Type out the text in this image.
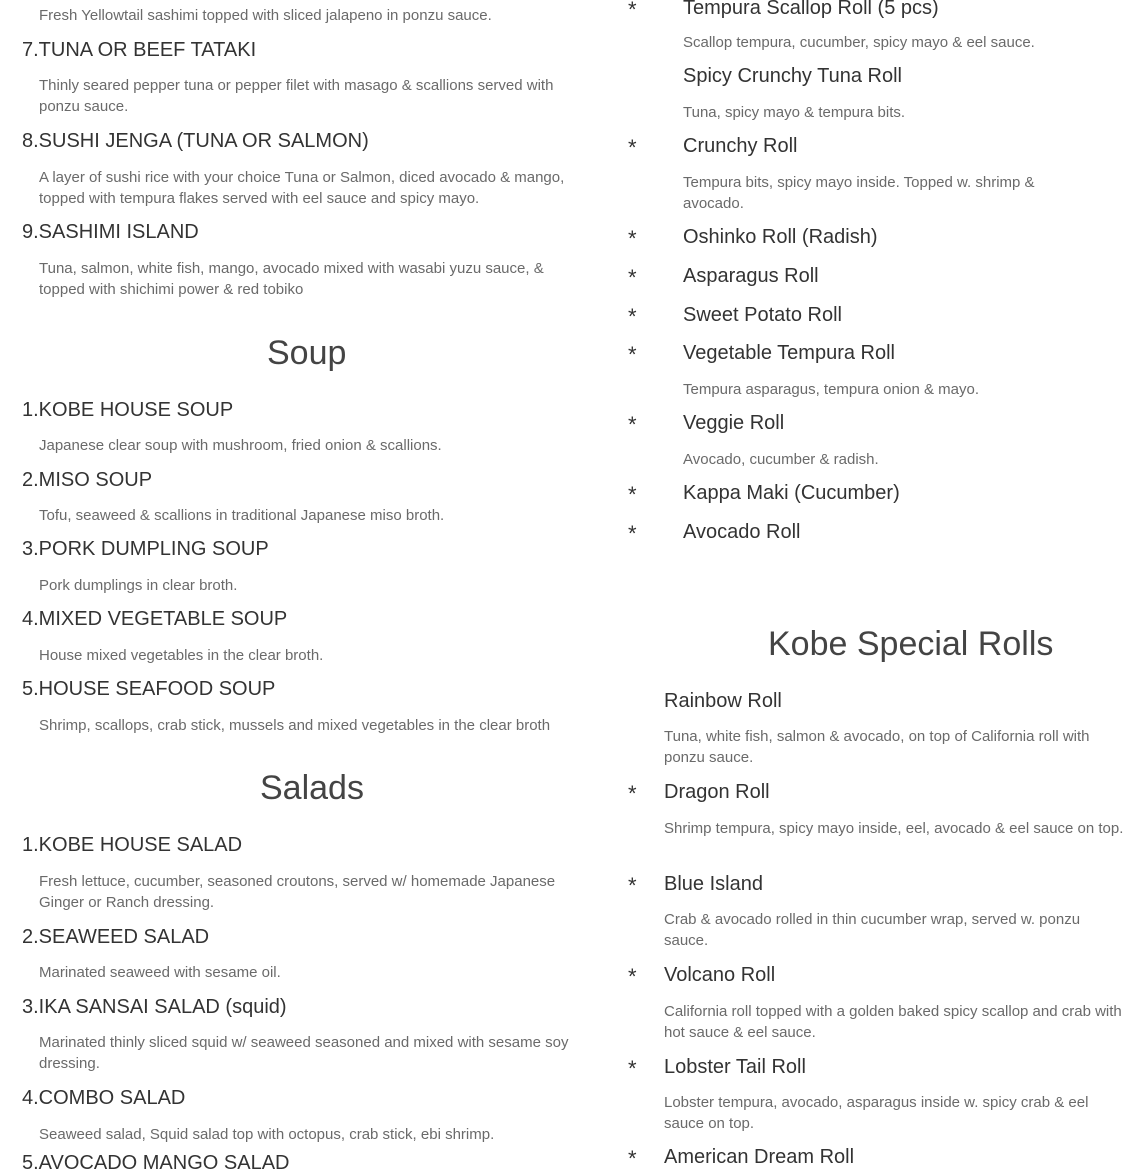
Fresh Yellowtail sashimi topped with sliced jalapeno in ponzu sauce.
7.TUNA OR BEEF TATAKI
Thinly seared pepper tuna or pepper filet with masago & scallions served with ponzu sauce.
8.SUSHI JENGA (TUNA OR SALMON)
A layer of sushi rice with your choice Tuna or Salmon, diced avocado & mango, topped with tempura flakes served with eel sauce and spicy mayo.
9.SASHIMI ISLAND
Tuna, salmon, white fish, mango, avocado mixed with wasabi yuzu sauce, & topped with shichimi power & red tobiko
Soup
1.KOBE HOUSE SOUP
Japanese clear soup with mushroom, fried onion & scallions.
2.MISO SOUP
Tofu, seaweed & scallions in traditional Japanese miso broth.
3.PORK DUMPLING SOUP
Pork dumplings in clear broth.
4.MIXED VEGETABLE SOUP
House mixed vegetables in the clear broth.
5.HOUSE SEAFOOD SOUP
Shrimp, scallops, crab stick, mussels and mixed vegetables in the clear broth
Salads
1.KOBE HOUSE SALAD
Fresh lettuce, cucumber, seasoned croutons, served w/ homemade Japanese Ginger or Ranch dressing.
2.SEAWEED SALAD
Marinated seaweed with sesame oil.
3.IKA SANSAI SALAD (squid)
Marinated thinly sliced squid w/ seaweed seasoned and mixed with sesame soy dressing.
4.COMBO SALAD
Seaweed salad, Squid salad top with octopus, crab stick, ebi shrimp.
5.AVOCADO MANGO SALAD
* Tempura Scallop Roll (5 pcs)
Scallop tempura, cucumber, spicy mayo & eel sauce.
Spicy Crunchy Tuna Roll
Tuna, spicy mayo & tempura bits.
* Crunchy Roll
Tempura bits, spicy mayo inside. Topped w. shrimp & avocado.
* Oshinko Roll (Radish)
* Asparagus Roll
* Sweet Potato Roll
* Vegetable Tempura Roll
Tempura asparagus, tempura onion & mayo.
* Veggie Roll
Avocado, cucumber & radish.
* Kappa Maki (Cucumber)
* Avocado Roll
Kobe Special Rolls
Rainbow Roll
Tuna, white fish, salmon & avocado, on top of California roll with ponzu sauce.
* Dragon Roll
Shrimp tempura, spicy mayo inside, eel, avocado & eel sauce on top.
* Blue Island
Crab & avocado rolled in thin cucumber wrap, served w. ponzu sauce.
* Volcano Roll
California roll topped with a golden baked spicy scallop and crab with hot sauce & eel sauce.
* Lobster Tail Roll
Lobster tempura, avocado, asparagus inside w. spicy crab & eel sauce on top.
* American Dream Roll
